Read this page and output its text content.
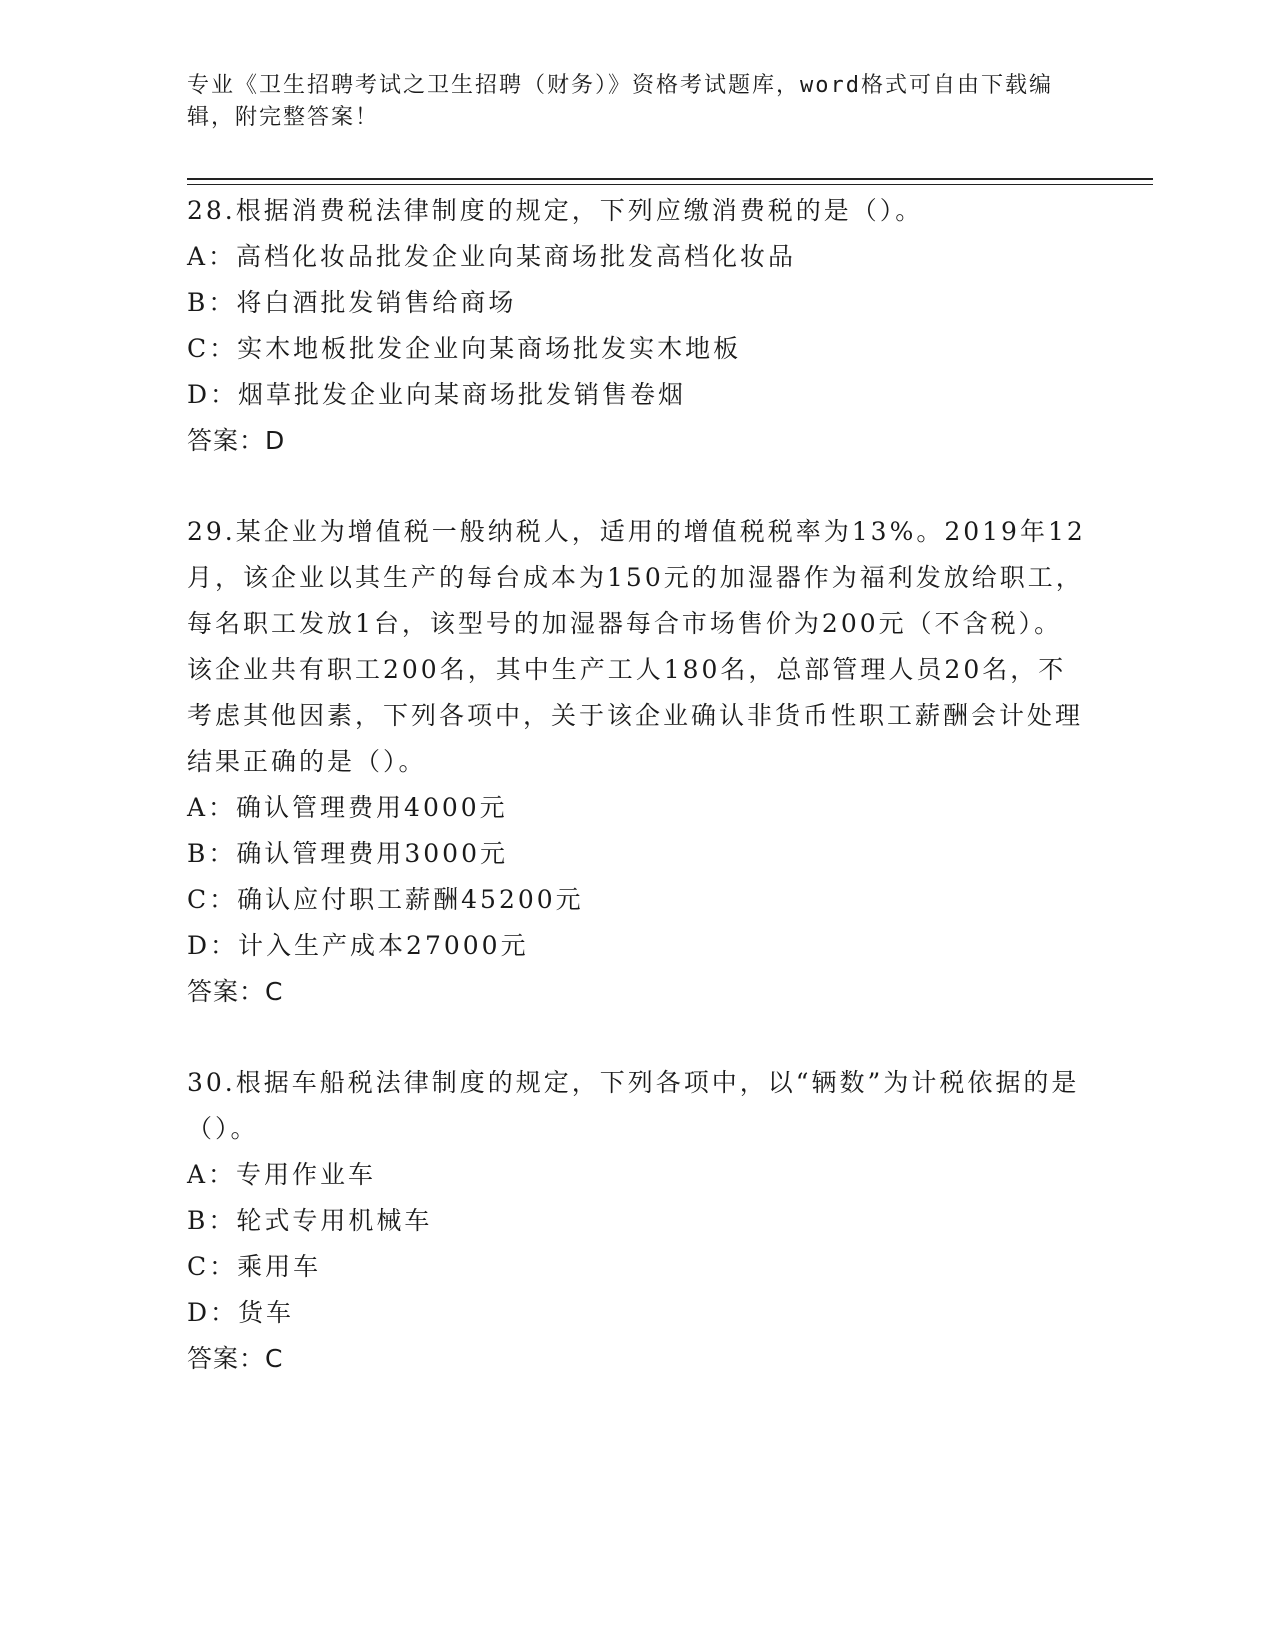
专业《卫生招聘考试之卫生招聘（财务）》资格考试题库，word格式可自由下载编辑，附完整答案！

28.根据消费税法律制度的规定，下列应缴消费税的是（）。

A：高档化妆品批发企业向某商场批发高档化妆品

B：将白酒批发销售给商场

C：实木地板批发企业向某商场批发实木地板

D：烟草批发企业向某商场批发销售卷烟

答案：D

29.某企业为增值税一般纳税人，适用的增值税税率为13%。2019年12月，该企业以其生产的每台成本为150元的加湿器作为福利发放给职工，每名职工发放1台，该型号的加湿器每合市场售价为200元（不含税）。该企业共有职工200名，其中生产工人180名，总部管理人员20名，不考虑其他因素，下列各项中，关于该企业确认非货币性职工薪酬会计处理结果正确的是（）。

A：确认管理费用4000元

B：确认管理费用3000元

C：确认应付职工薪酬45200元

D：计入生产成本27000元

答案：C

30.根据车船税法律制度的规定，下列各项中，以“辆数”为计税依据的是（）。

A：专用作业车

B：轮式专用机械车

C：乘用车

D：货车

答案：C
